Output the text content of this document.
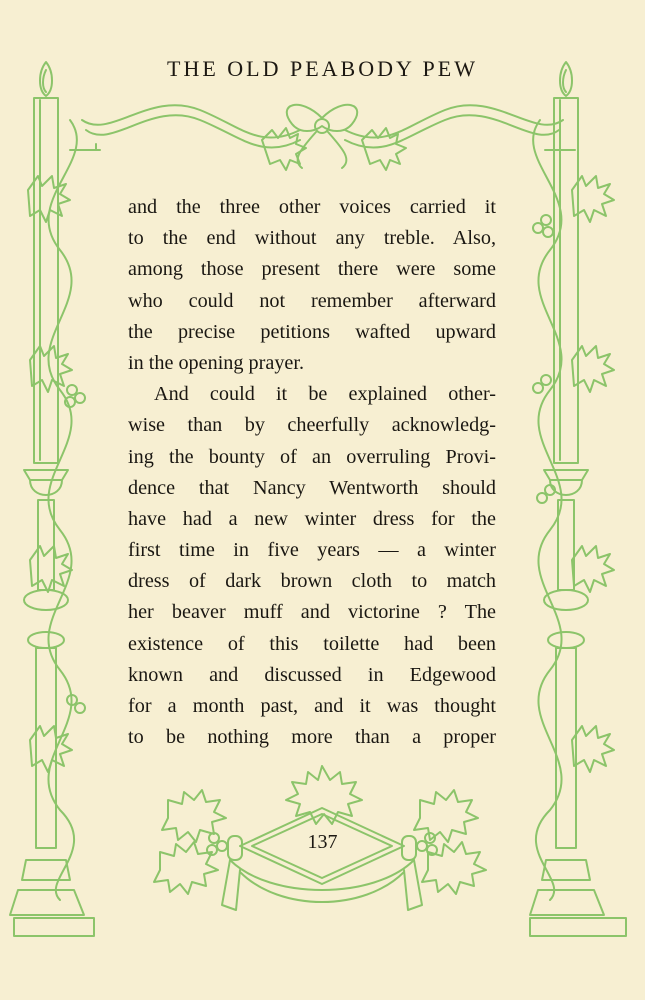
THE OLD PEABODY PEW
and the three other voices carried it
to the end without any treble. Also,
among those present there were some
who could not remember afterward
the precise petitions wafted upward
in the opening prayer.
And could it be explained other-
wise than by cheerfully acknowledg-
ing the bounty of an overruling Provi-
dence that Nancy Wentworth should
have had a new winter dress for the
first time in five years — a winter
dress of dark brown cloth to match
her beaver muff and victorine ? The
existence of this toilette had been
known and discussed in Edgewood
for a month past, and it was thought
to be nothing more than a proper
137
